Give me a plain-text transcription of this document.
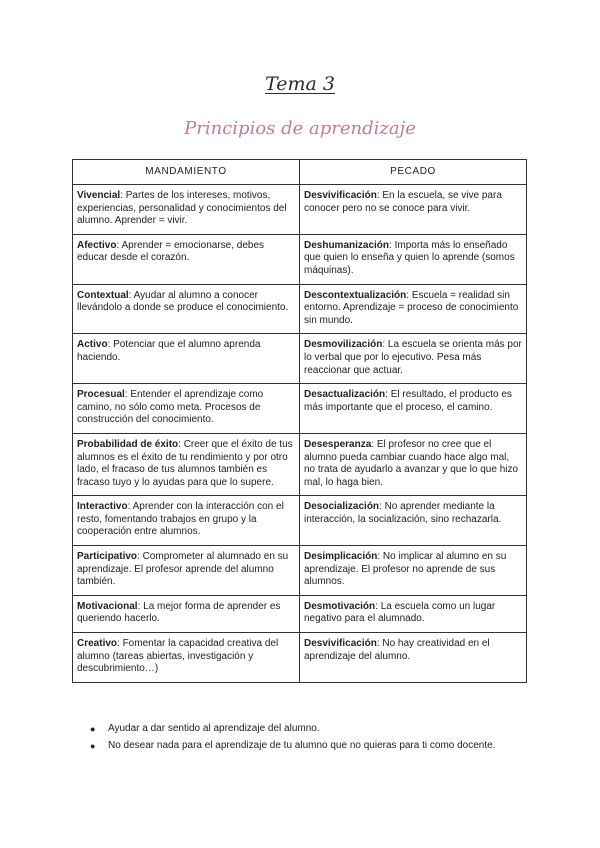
Tema 3
Principios de aprendizaje
MANDAMIENTO	PECADO
Vivencial: Partes de los intereses, motivos, experiencias, personalidad y conocimientos del alumno. Aprender = vivir.	Desvivificación: En la escuela, se vive para conocer pero no se conoce para vivir.
Afectivo: Aprender = emocionarse, debes educar desde el corazón.	Deshumanización: Importa más lo enseñado que quien lo enseña y quien lo aprende (somos máquinas).
Contextual: Ayudar al alumno a conocer llevándolo a donde se produce el conocimiento.	Descontextualización: Escuela = realidad sin entorno. Aprendizaje = proceso de conocimiento sin mundo.
Activo: Potenciar que el alumno aprenda haciendo.	Desmovilización: La escuela se orienta más por lo verbal que por lo ejecutivo. Pesa más reaccionar que actuar.
Procesual: Entender el aprendizaje como camino, no sólo como meta. Procesos de construcción del conocimiento.	Desactualización: El resultado, el producto es más importante que el proceso, el camino.
Probabilidad de éxito: Creer que el éxito de tus alumnos es el éxito de tu rendimiento y por otro lado, el fracaso de tus alumnos también es fracaso tuyo y lo ayudas para que lo supere.	Desesperanza: El profesor no cree que el alumno pueda cambiar cuando hace algo mal, no trata de ayudarlo a avanzar y que lo que hizo mal, lo haga bien.
Interactivo: Aprender con la interacción con el resto, fomentando trabajos en grupo y la cooperación entre alumnos.	Desocialización: No aprender mediante la interacción, la socialización, sino rechazarla.
Participativo: Comprometer al alumnado en su aprendizaje. El profesor aprende del alumno también.	Desimplicación: No implicar al alumno en su aprendizaje. El profesor no aprende de sus alumnos.
Motivacional: La mejor forma de aprender es queriendo hacerlo.	Desmotivación: La escuela como un lugar negativo para el alumnado.
Creativo: Fomentar la capacidad creativa del alumno (tareas abiertas, investigación y descubrimiento…)	Desvivificación: No hay creatividad en el aprendizaje del alumno.
● Ayudar a dar sentido al aprendizaje del alumno.
● No desear nada para el aprendizaje de tu alumno que no quieras para ti como docente.
